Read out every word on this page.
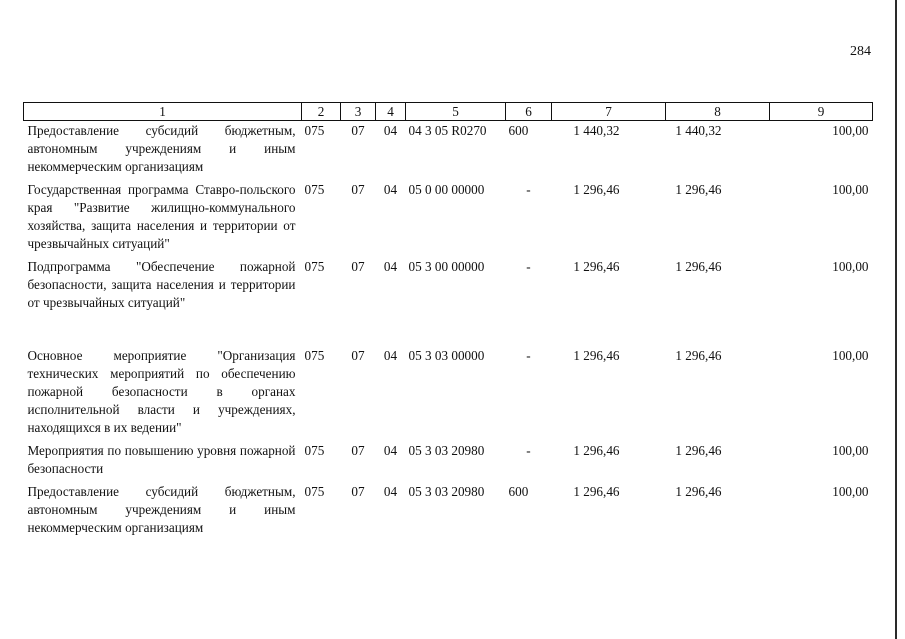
284
1	2	3	4	5	6	7	8	9
Предоставление субсидий бюджетным, автономным учреждениям и иным некоммерческим организациям	075	07	04	04 3 05 R0270	600	1 440,32	1 440,32	100,00
Государственная программа Ставро-польского края "Развитие жилищно-коммунального хозяйства, защита населения и территории от чрезвычайных ситуаций"	075	07	04	05 0 00 00000	-	1 296,46	1 296,46	100,00
Подпрограмма "Обеспечение пожарной безопасности, защита населения и территории от чрезвычайных ситуаций"	075	07	04	05 3 00 00000	-	1 296,46	1 296,46	100,00
Основное мероприятие "Организация технических мероприятий по обеспечению пожарной безопасности в органах исполнительной власти и учреждениях, находящихся в их ведении"	075	07	04	05 3 03 00000	-	1 296,46	1 296,46	100,00
Мероприятия по повышению уровня пожарной безопасности	075	07	04	05 3 03 20980	-	1 296,46	1 296,46	100,00
Предоставление субсидий бюджетным, автономным учреждениям и иным некоммерческим организациям	075	07	04	05 3 03 20980	600	1 296,46	1 296,46	100,00
